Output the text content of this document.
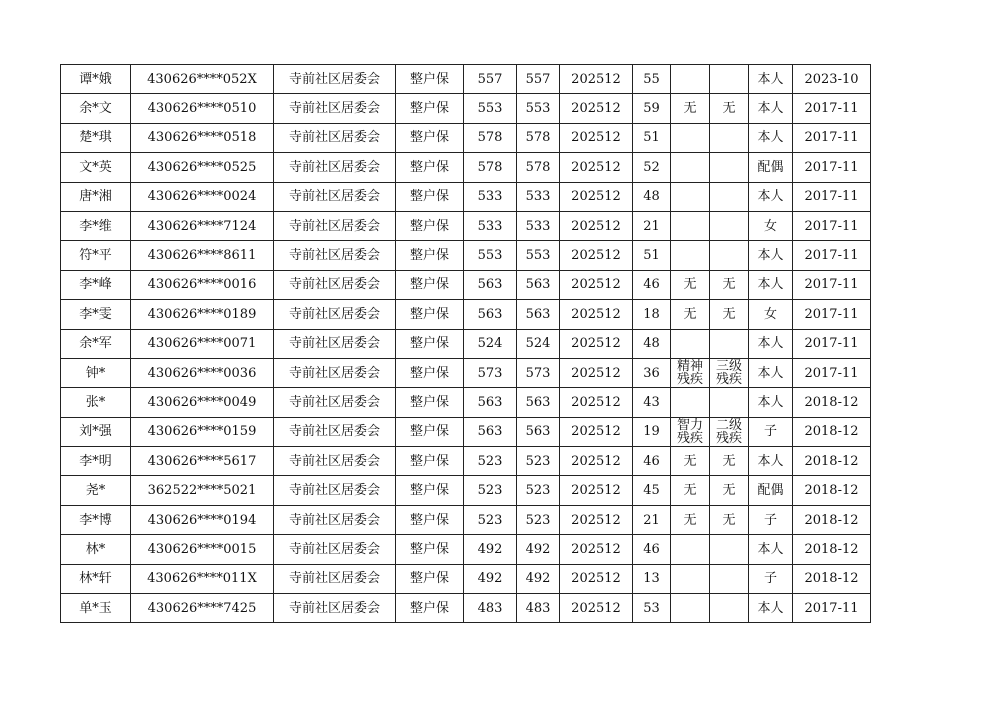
谭*娥	430626****052X	寺前社区居委会	整户保	557	557	202512	55			本人	2023-10
余*文	430626****0510	寺前社区居委会	整户保	553	553	202512	59	无	无	本人	2017-11
楚*琪	430626****0518	寺前社区居委会	整户保	578	578	202512	51			本人	2017-11
文*英	430626****0525	寺前社区居委会	整户保	578	578	202512	52			配偶	2017-11
唐*湘	430626****0024	寺前社区居委会	整户保	533	533	202512	48			本人	2017-11
李*维	430626****7124	寺前社区居委会	整户保	533	533	202512	21			女	2017-11
符*平	430626****8611	寺前社区居委会	整户保	553	553	202512	51			本人	2017-11
李*峰	430626****0016	寺前社区居委会	整户保	563	563	202512	46	无	无	本人	2017-11
李*雯	430626****0189	寺前社区居委会	整户保	563	563	202512	18	无	无	女	2017-11
余*军	430626****0071	寺前社区居委会	整户保	524	524	202512	48			本人	2017-11
钟*	430626****0036	寺前社区居委会	整户保	573	573	202512	36	精神残疾	三级残疾	本人	2017-11
张*	430626****0049	寺前社区居委会	整户保	563	563	202512	43			本人	2018-12
刘*强	430626****0159	寺前社区居委会	整户保	563	563	202512	19	智力残疾	二级残疾	子	2018-12
李*明	430626****5617	寺前社区居委会	整户保	523	523	202512	46	无	无	本人	2018-12
尧*	362522****5021	寺前社区居委会	整户保	523	523	202512	45	无	无	配偶	2018-12
李*博	430626****0194	寺前社区居委会	整户保	523	523	202512	21	无	无	子	2018-12
林*	430626****0015	寺前社区居委会	整户保	492	492	202512	46			本人	2018-12
林*轩	430626****011X	寺前社区居委会	整户保	492	492	202512	13			子	2018-12
单*玉	430626****7425	寺前社区居委会	整户保	483	483	202512	53			本人	2017-11
